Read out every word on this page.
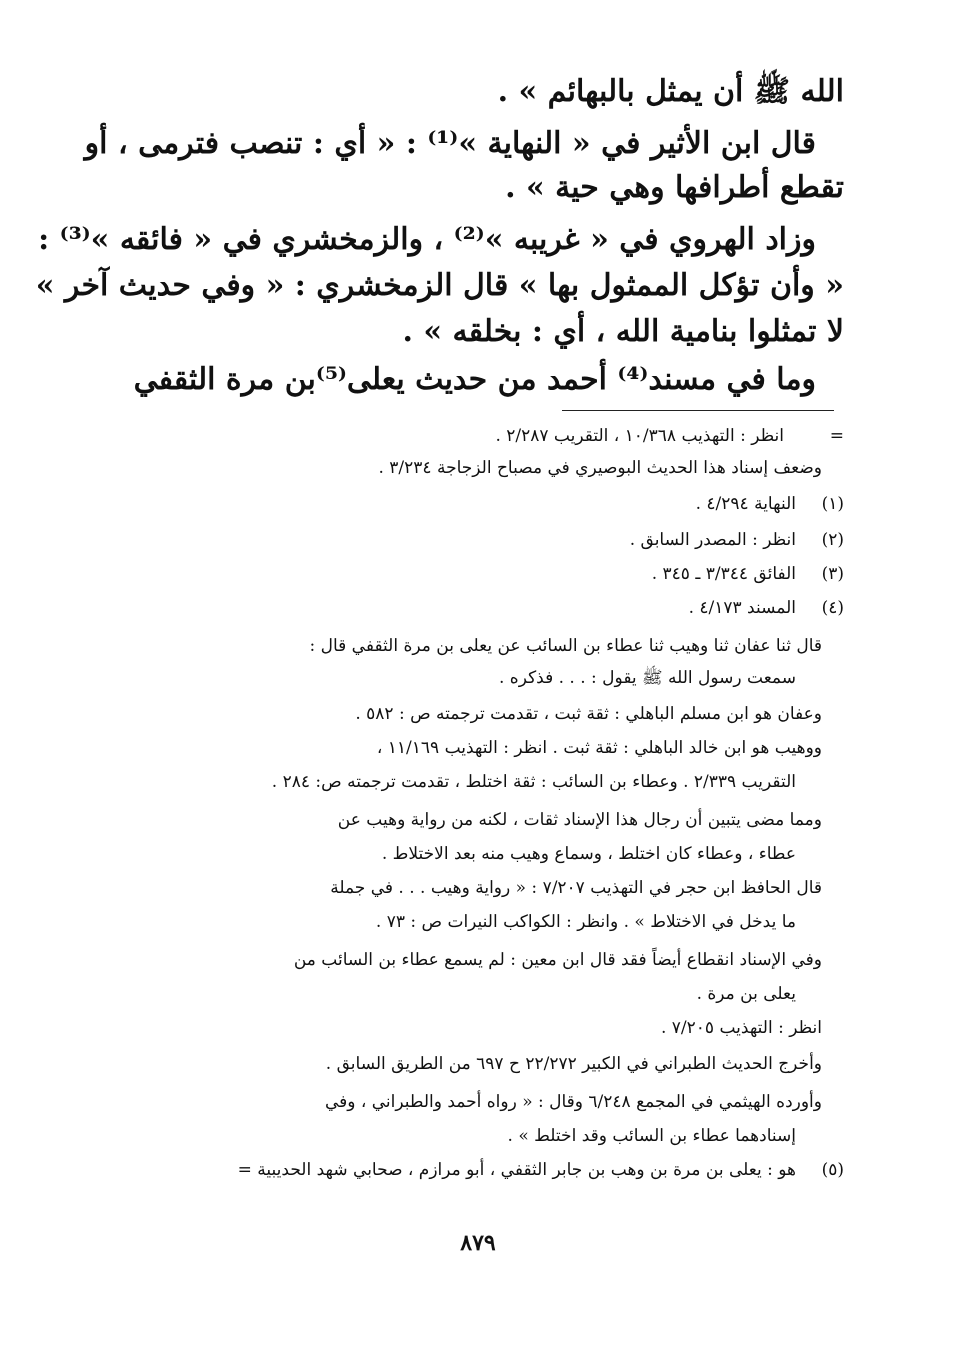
الله ﷺ أن يمثل بالبهائم » .
قال ابن الأثير في « النهاية »⁽¹⁾ : « أي : تنصب فترمى ، أو
تقطع أطرافها وهي حية » .
وزاد الهروي في « غريبه »⁽²⁾ ، والزمخشري في « فائقه »⁽³⁾ :
« وأن تؤكل الممثول بها » قال الزمخشري : « وفي حديث آخر »
لا تمثلوا بنامية الله ، أي : بخلقه » .
وما في مسند⁽⁴⁾ أحمد من حديث يعلى⁽⁵⁾بن مرة الثقفي
=
انظر : التهذيب ١٠/٣٦٨ ، التقريب ٢/٢٨٧ .
وضعف إسناد هذا الحديث البوصيري في مصباح الزجاجة ٣/٢٣٤ .
(١)
النهاية ٤/٢٩٤ .
(٢)
انظر : المصدر السابق .
(٣)
الفائق ٣/٣٤٤ ـ ٣٤٥ .
(٤)
المسند ٤/١٧٣ .
قال ثنا عفان ثنا وهيب ثنا عطاء بن السائب عن يعلى بن مرة الثقفي قال :
سمعت رسول الله ﷺ يقول : . . . فذكره .
وعفان هو ابن مسلم الباهلي : ثقة ثبت ، تقدمت ترجمته ص : ٥٨٢ .
ووهيب هو ابن خالد الباهلي : ثقة ثبت . انظر : التهذيب ١١/١٦٩ ،
التقريب ٢/٣٣٩ . وعطاء بن السائب : ثقة اختلط ، تقدمت ترجمته ص: ٢٨٤ .
ومما مضى يتبين أن رجال هذا الإسناد ثقات ، لكنه من رواية وهيب عن
عطاء ، وعطاء كان اختلط ، وسماع وهيب منه بعد الاختلاط .
قال الحافظ ابن حجر في التهذيب ٧/٢٠٧ : « رواية وهيب . . . في جملة
ما يدخل في الاختلاط » . وانظر : الكواكب النيرات ص : ٧٣ .
وفي الإسناد انقطاع أيضاً فقد قال ابن معين : لم يسمع عطاء بن السائب من
يعلى بن مرة .
انظر : التهذيب ٧/٢٠٥ .
وأخرج الحديث الطبراني في الكبير ٢٢/٢٧٢ ح ٦٩٧ من الطريق السابق .
وأورده الهيثمي في المجمع ٦/٢٤٨ وقال : « رواه أحمد والطبراني ، وفي
إسنادهما عطاء بن السائب وقد اختلط » .
(٥)
هو : يعلى بن مرة بن وهب بن جابر الثقفي ، أبو مرازم ، صحابي شهد الحديبية =
٨٧٩
